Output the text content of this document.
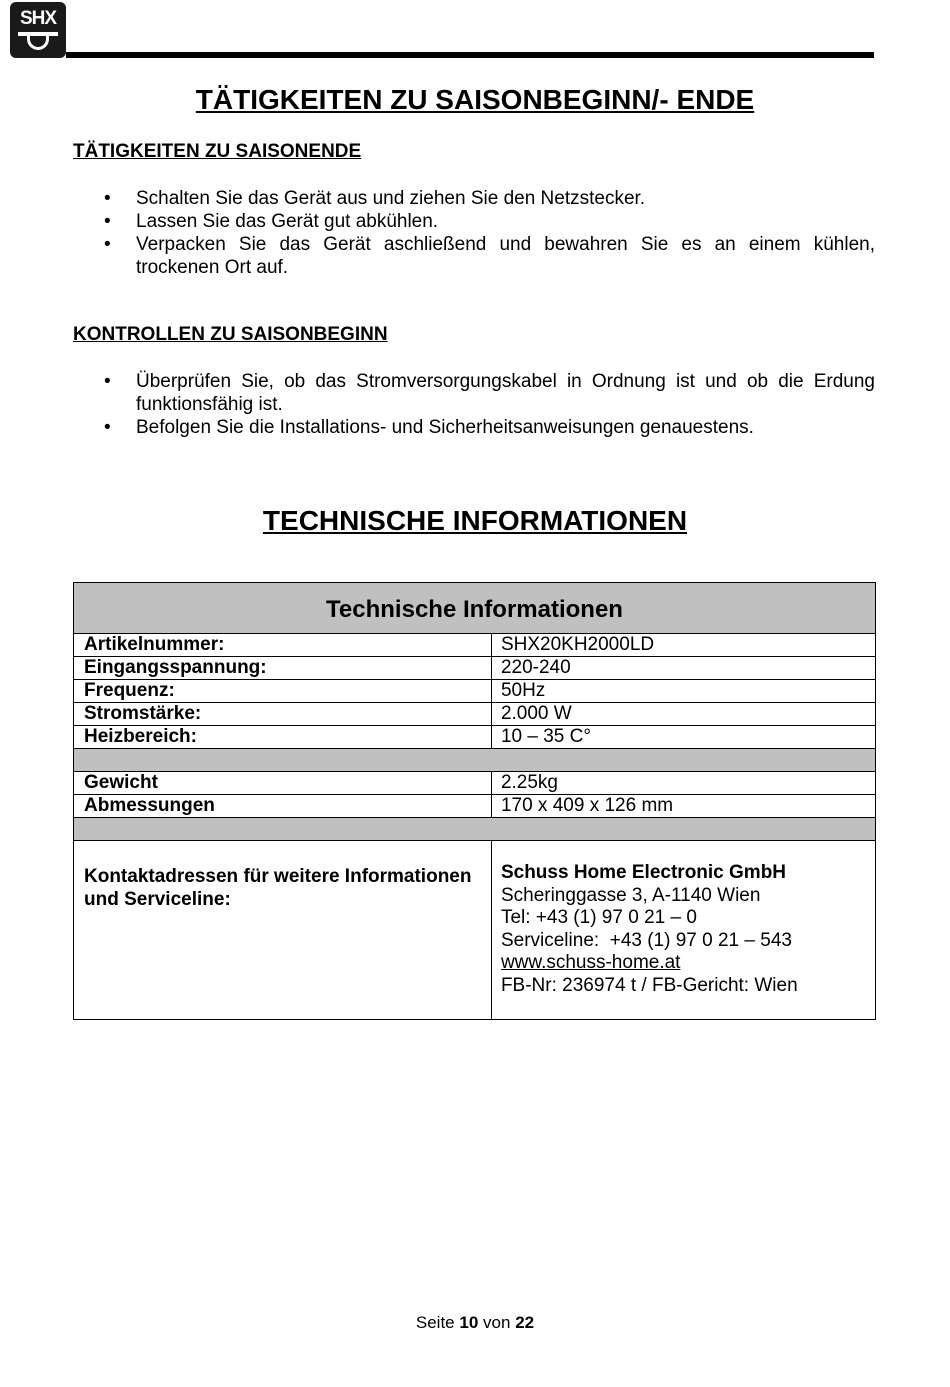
SHX
TÄTIGKEITEN ZU SAISONBEGINN/- ENDE
TÄTIGKEITEN ZU SAISONENDE
• Schalten Sie das Gerät aus und ziehen Sie den Netzstecker.
• Lassen Sie das Gerät gut abkühlen.
• Verpacken Sie das Gerät aschließend und bewahren Sie es an einem kühlen, trockenen Ort auf.
KONTROLLEN ZU SAISONBEGINN
• Überprüfen Sie, ob das Stromversorgungskabel in Ordnung ist und ob die Erdung funktionsfähig ist.
• Befolgen Sie die Installations- und Sicherheitsanweisungen genauestens.
TECHNISCHE INFORMATIONEN
Technische Informationen
Artikelnummer:	SHX20KH2000LD
Eingangsspannung:	220-240
Frequenz:	50Hz
Stromstärke:	2.000 W
Heizbereich:	10 – 35 C°
Gewicht	2.25kg
Abmessungen	170 x 409 x 126 mm
Kontaktadressen für weitere Informationen und Serviceline:
Schuss Home Electronic GmbH
Scheringgasse 3, A-1140 Wien
Tel: +43 (1) 97 0 21 – 0
Serviceline:  +43 (1) 97 0 21 – 543
www.schuss-home.at
FB-Nr: 236974 t / FB-Gericht: Wien
Seite 10 von 22
